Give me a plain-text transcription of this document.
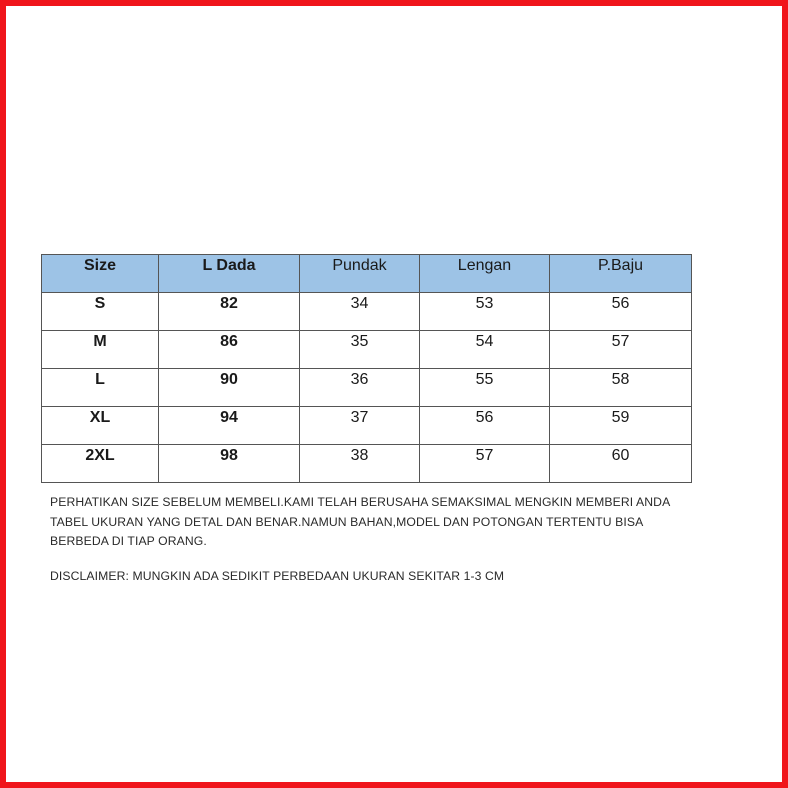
Size	L Dada	Pundak	Lengan	P.Baju
S	82	34	53	56
M	86	35	54	57
L	90	36	55	58
XL	94	37	56	59
2XL	98	38	57	60

PERHATIKAN SIZE SEBELUM MEMBELI.KAMI TELAH BERUSAHA SEMAKSIMAL MENGKIN MEMBERI ANDA
TABEL UKURAN YANG DETAL DAN BENAR.NAMUN BAHAN,MODEL DAN POTONGAN TERTENTU BISA
BERBEDA DI TIAP ORANG.

DISCLAIMER: MUNGKIN ADA SEDIKIT PERBEDAAN UKURAN SEKITAR 1-3 CM
